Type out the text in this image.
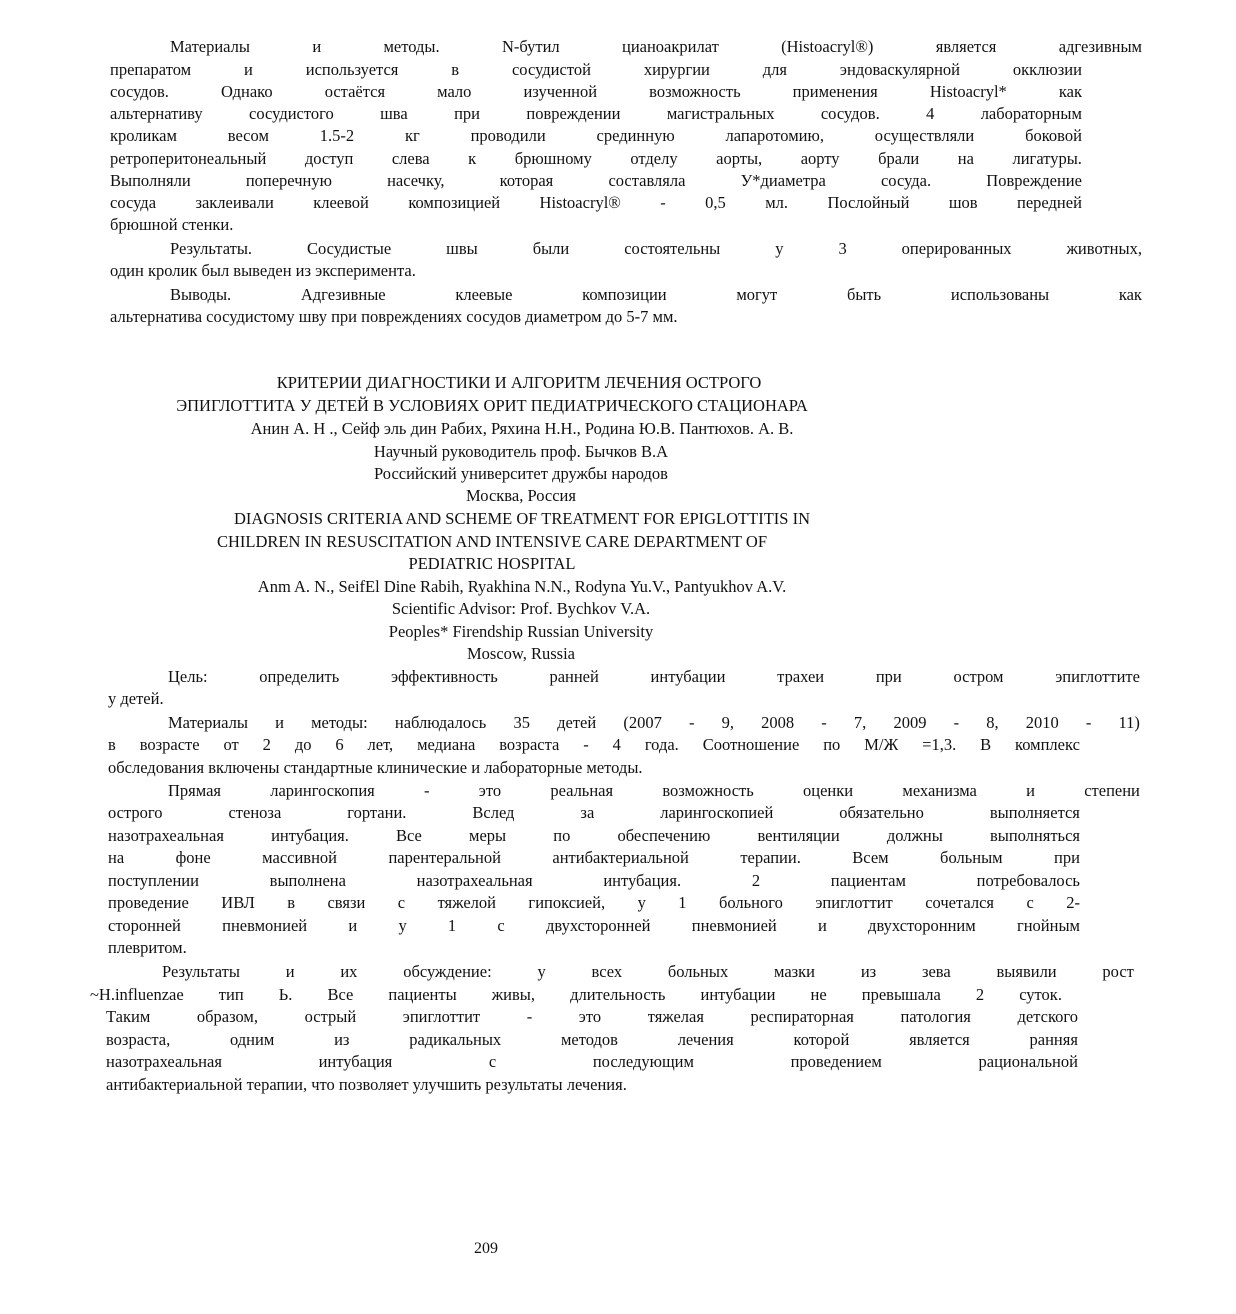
Материалы	и	методы.	N-бутил	цианоакрилат	(Histoacryl®)	является	адгезивным
препаратом	и	используется	в	сосудистой	хирургии	для	эндоваскулярной	окклюзии
сосудов.	Однако	остаётся	мало	изученной	возможность	применения	Histoacryl*	как
альтернативу	сосудистого	шва	при	повреждении	магистральных	сосудов.	4	лабораторным
кроликам	весом	1.5-2	кг	проводили	срединную	лапаротомию,	осуществляли	боковой
ретроперитонеальный доступ слева к брюшному отделу аорты, аорту брали на лигатуры.
Выполняли	поперечную	насечку,	которая	составляла	У*диаметра	сосуда.	Повреждение
сосуда заклеивали клеевой композицией Histoacryl® - 0,5 мл. Послойный шов передней
брюшной стенки.
Результаты.	Сосудистые	швы	были	состоятельны	у	3	оперированных	животных,
один кролик был выведен из эксперимента.
Выводы.	Адгезивные	клеевые	композиции	могут	быть	использованы	как
альтернатива сосудистому шву при повреждениях сосудов диаметром до 5-7 мм.
КРИТЕРИИ ДИАГНОСТИКИ И АЛГОРИТМ ЛЕЧЕНИЯ ОСТРОГО
ЭПИГЛОТТИТА У ДЕТЕЙ В УСЛОВИЯХ ОРИТ ПЕДИАТРИЧЕСКОГО СТАЦИОНАРА
Анин А. Н ., Сейф эль дин Рабих, Ряхина Н.Н., Родина Ю.В. Пантюхов. А. В.
Научный руководитель проф. Бычков В.А
Российский университет дружбы народов
Москва, Россия
DIAGNOSIS CRITERIA AND SCHEME OF TREATMENT FOR EPIGLOTTITIS IN
CHILDREN IN RESUSCITATION AND INTENSIVE CARE DEPARTMENT OF
PEDIATRIC HOSPITAL
Anm A. N., SeifEl Dine Rabih, Ryakhina N.N., Rodyna Yu.V., Pantyukhov A.V.
Scientific Advisor: Prof. Bychkov V.A.
Peoples* Firendship Russian University
Moscow, Russia
Цель:	определить	эффективность	ранней	интубации	трахеи	при	остром	эпиглоттите
у детей.
Материалы и методы: наблюдалось 35 детей (2007 - 9, 2008 - 7, 2009 - 8, 2010 - 11)
в возрасте от 2 до 6 лет, медиана возраста - 4 года. Соотношение по М/Ж =1,3. В комплекс
обследования включены стандартные клинические и лабораторные методы.
Прямая	ларингоскопия	-	это	реальная	возможность	оценки	механизма	и	степени
острого	стеноза	гортани.	Вслед	за	ларингоскопией	обязательно	выполняется
назотрахеальная	интубация.	Все	меры	по	обеспечению	вентиляции	должны	выполняться
на	фоне	массивной	парентеральной	антибактериальной	терапии.	Всем	больным	при
поступлении	выполнена	назотрахеальная	интубация.	2	пациентам	потребовалось
проведение ИВЛ в связи с тяжелой гипоксией, у 1 больного эпиглоттит сочетался с 2-
сторонней пневмонией и у 1 с двухсторонней пневмонией и двухсторонним гнойным
плевритом.
Результаты	и	их	обсуждение:	у	всех	больных	мазки	из	зева	выявили	рост
~H.influenzae тип Ь. Все пациенты живы, длительность интубации не превышала 2 суток.
Таким	образом,	острый	эпиглоттит	-	это	тяжелая	респираторная	патология	детского
возраста,	одним	из	радикальных	методов	лечения	которой	является	ранняя
назотрахеальная	интубация	с	последующим	проведением	рациональной
антибактериальной терапии, что позволяет улучшить результаты лечения.
209
